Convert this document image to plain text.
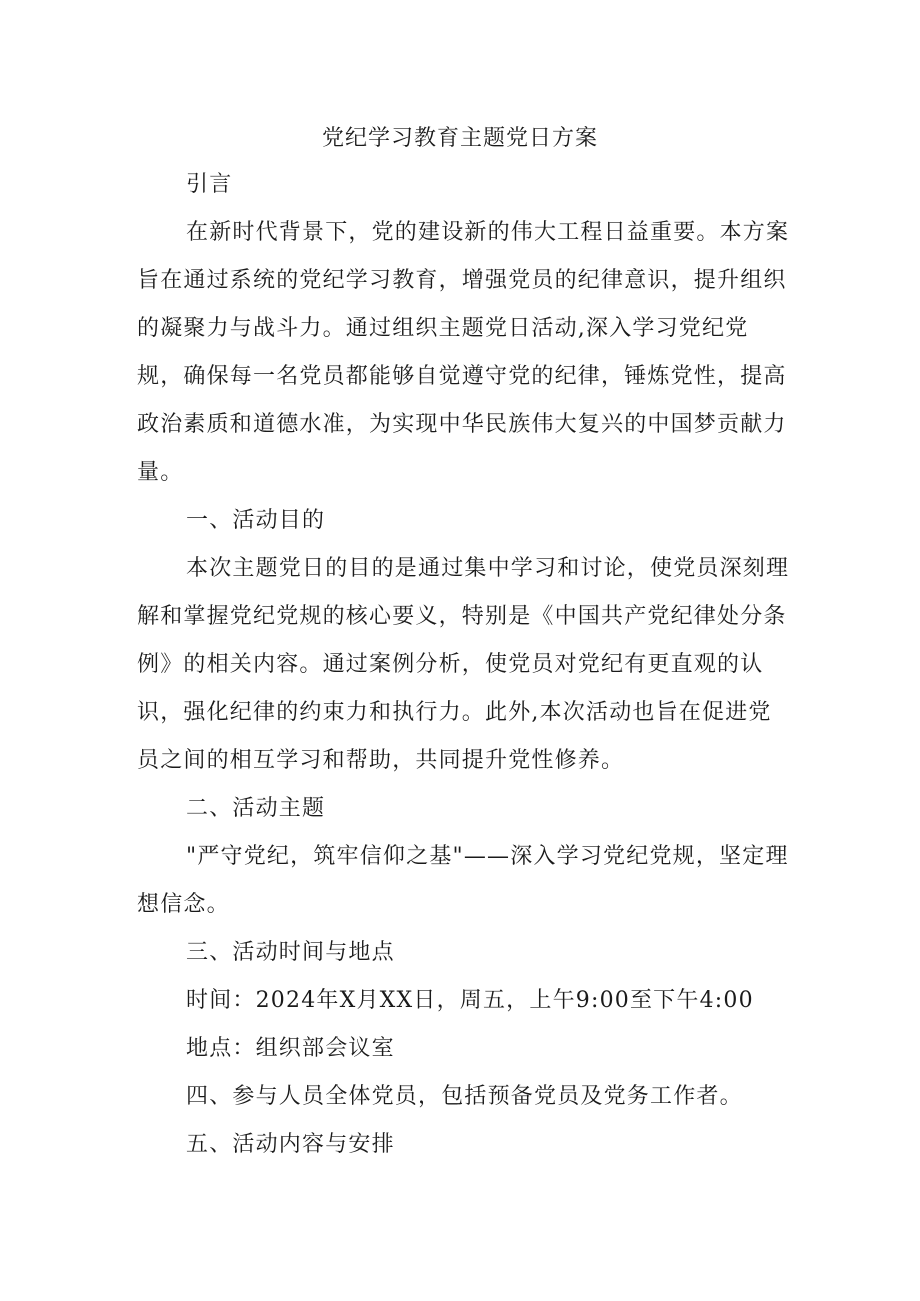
党纪学习教育主题党日方案
引言
在新时代背景下，党的建设新的伟大工程日益重要。本方案
旨在通过系统的党纪学习教育，增强党员的纪律意识，提升组织
的凝聚力与战斗力。通过组织主题党日活动,深入学习党纪党
规，确保每一名党员都能够自觉遵守党的纪律，锤炼党性，提高
政治素质和道德水准，为实现中华民族伟大复兴的中国梦贡献力
量。
一、活动目的
本次主题党日的目的是通过集中学习和讨论，使党员深刻理
解和掌握党纪党规的核心要义，特别是《中国共产党纪律处分条
例》的相关内容。通过案例分析，使党员对党纪有更直观的认
识，强化纪律的约束力和执行力。此外,本次活动也旨在促进党
员之间的相互学习和帮助，共同提升党性修养。
二、活动主题
"严守党纪，筑牢信仰之基"——深入学习党纪党规，坚定理
想信念。
三、活动时间与地点
时间：2024年X月XX日，周五，上午9:00至下午4:00
地点：组织部会议室
四、参与人员全体党员，包括预备党员及党务工作者。
五、活动内容与安排
